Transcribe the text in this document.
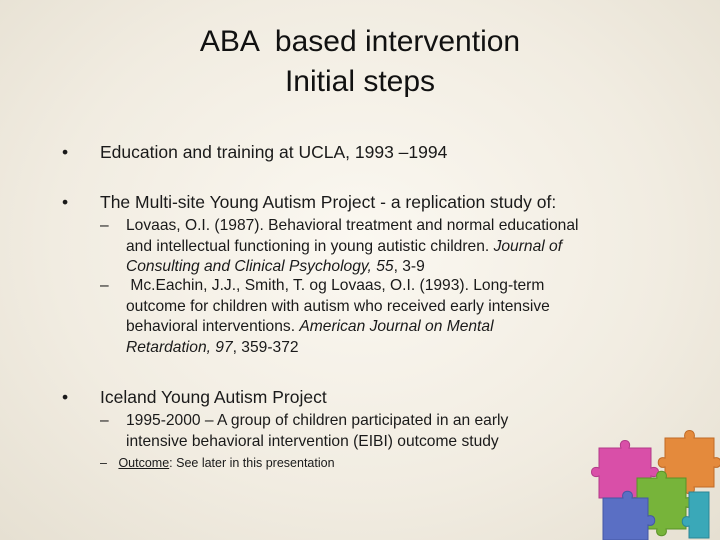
ABA  based intervention
Initial steps
• Education and training at UCLA, 1993 –1994
• The Multi-site Young Autism Project - a replication study of:
– Lovaas, O.I. (1987). Behavioral treatment and normal educational
and intellectual functioning in young autistic children. Journal of
Consulting and Clinical Psychology, 55, 3-9
– Mc.Eachin, J.J., Smith, T. og Lovaas, O.I. (1993). Long-term
outcome for children with autism who received early intensive
behavioral interventions. American Journal on Mental
Retardation, 97, 359-372
• Iceland Young Autism Project
– 1995-2000 – A group of children participated in an early
intensive behavioral intervention (EIBI) outcome study
– Outcome: See later in this presentation
